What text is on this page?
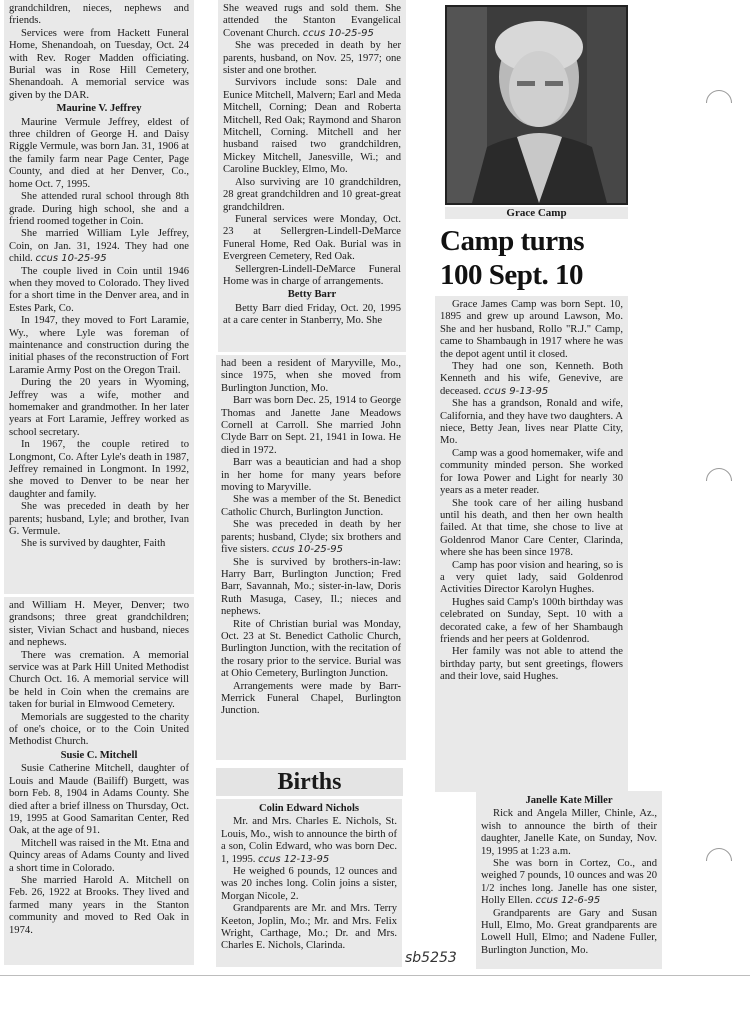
grandchildren, nieces, nephews and friends.

Services were from Hackett Funeral Home, Shenandoah, on Tuesday, Oct. 24 with Rev. Roger Madden officiating. Burial was in Rose Hill Cemetery, Shenandoah. A memorial service was given by the DAR.

Maurine V. Jeffrey

Maurine Vermule Jeffrey, eldest of three children of George H. and Daisy Riggle Vermule, was born Jan. 31, 1906 at the family farm near Page Center, Page County, and died at her Denver, Co., home Oct. 7, 1995.

She attended rural school through 8th grade. During high school, she and a friend roomed together in Coin.

She married William Lyle Jeffrey, Coin, on Jan. 31, 1924. They had one child. ccus 10-25-95

The couple lived in Coin until 1946 when they moved to Colorado. They lived for a short time in the Denver area, and in Estes Park, Co.

In 1947, they moved to Fort Laramie, Wy., where Lyle was foreman of maintenance and construction during the initial phases of the reconstruction of Fort Laramie Army Post on the Oregon Trail.

During the 20 years in Wyoming, Jeffrey was a wife, mother and homemaker and grandmother. In her later years at Fort Laramie, Jeffrey worked as school secretary.

In 1967, the couple retired to Longmont, Co. After Lyle's death in 1987, Jeffrey remained in Longmont. In 1992, she moved to Denver to be near her daughter and family.

She was preceded in death by her parents; husband, Lyle; and brother, Ivan G. Vermule.

She is survived by daughter, Faith

and William H. Meyer, Denver; two grandsons; three great grandchildren; sister, Vivian Schact and husband, nieces and nephews.

There was cremation. A memorial service was at Park Hill United Methodist Church Oct. 16. A memorial service will be held in Coin when the cremains are taken for burial in Elmwood Cemetery.

Memorials are suggested to the charity of one's choice, or to the Coin United Methodist Church.

Susie C. Mitchell

Susie Catherine Mitchell, daughter of Louis and Maude (Bailiff) Burgett, was born Feb. 8, 1904 in Adams County. She died after a brief illness on Thursday, Oct. 19, 1995 at Good Samaritan Center, Red Oak, at the age of 91.

Mitchell was raised in the Mt. Etna and Quincy areas of Adams County and lived a short time in Colorado.

She married Harold A. Mitchell on Feb. 26, 1922 at Brooks. They lived and farmed many years in the Stanton community and moved to Red Oak in 1974.

She weaved rugs and sold them. She attended the Stanton Evangelical Covenant Church. ccus 10-25-95

She was preceded in death by her parents, husband, on Nov. 25, 1977; one sister and one brother.

Survivors include sons: Dale and Eunice Mitchell, Malvern; Earl and Meda Mitchell, Corning; Dean and Roberta Mitchell, Red Oak; Raymond and Sharon Mitchell, Corning. Mitchell and her husband raised two grandchildren, Mickey Mitchell, Janesville, Wi.; and Caroline Buckley, Elmo, Mo.

Also surviving are 10 grandchildren, 28 great grandchildren and 10 great-great grandchildren.

Funeral services were Monday, Oct. 23 at Sellergren-Lindell-DeMarce Funeral Home, Red Oak. Burial was in Evergreen Cemetery, Red Oak.

Sellergren-Lindell-DeMarce Funeral Home was in charge of arrangements.

Betty Barr

Betty Barr died Friday, Oct. 20, 1995 at a care center in Stanberry, Mo. She

had been a resident of Maryville, Mo., since 1975, when she moved from Burlington Junction, Mo.

Barr was born Dec. 25, 1914 to George Thomas and Janette Jane Meadows Cornell at Carroll. She married John Clyde Barr on Sept. 21, 1941 in Iowa. He died in 1972.

Barr was a beautician and had a shop in her home for many years before moving to Maryville.

She was a member of the St. Benedict Catholic Church, Burlington Junction.

She was preceded in death by her parents; husband, Clyde; six brothers and five sisters. ccus 10-25-95

She is survived by brothers-in-law: Harry Barr, Burlington Junction; Fred Barr, Savannah, Mo.; sister-in-law, Doris Ruth Masuga, Casey, Il.; nieces and nephews.

Rite of Christian burial was Monday, Oct. 23 at St. Benedict Catholic Church, Burlington Junction, with the recitation of the rosary prior to the service. Burial was at Ohio Cemetery, Burlington Junction.

Arrangements were made by Barr-Merrick Funeral Chapel, Burlington Junction.

Births

Colin Edward Nichols

Mr. and Mrs. Charles E. Nichols, St. Louis, Mo., wish to announce the birth of a son, Colin Edward, who was born Dec. 1, 1995. ccus 12-13-95

He weighed 6 pounds, 12 ounces and was 20 inches long. Colin joins a sister, Morgan Nicole, 2.

Grandparents are Mr. and Mrs. Terry Keeton, Joplin, Mo.; Mr. and Mrs. Felix Wright, Carthage, Mo.; Dr. and Mrs. Charles E. Nichols, Clarinda.

Grace Camp
Camp turns
100 Sept. 10

Grace James Camp was born Sept. 10, 1895 and grew up around Lawson, Mo. She and her husband, Rollo "R.J." Camp, came to Shambaugh in 1917 where he was the depot agent until it closed.

They had one son, Kenneth. Both Kenneth and his wife, Genevive, are deceased. ccus 9-13-95

She has a grandson, Ronald and wife, California, and they have two daughters. A niece, Betty Jean, lives near Platte City, Mo.

Camp was a good homemaker, wife and community minded person. She worked for Iowa Power and Light for nearly 30 years as a meter reader.

She took care of her ailing husband until his death, and then her own health failed. At that time, she chose to live at Goldenrod Manor Care Center, Clarinda, where she has been since 1978.

Camp has poor vision and hearing, so is a very quiet lady, said Goldenrod Activities Director Karolyn Hughes.

Hughes said Camp's 100th birthday was celebrated on Sunday, Sept. 10 with a decorated cake, a few of her Shambaugh friends and her peers at Goldenrod.

Her family was not able to attend the birthday party, but sent greetings, flowers and their love, said Hughes.

Janelle Kate Miller

Rick and Angela Miller, Chinle, Az., wish to announce the birth of their daughter, Janelle Kate, on Sunday, Nov. 19, 1995 at 1:23 a.m.

She was born in Cortez, Co., and weighed 7 pounds, 10 ounces and was 20 1/2 inches long. Janelle has one sister, Holly Ellen. ccus 12-6-95

Grandparents are Gary and Susan Hull, Elmo, Mo. Great grandparents are Lowell Hull, Elmo; and Nadene Fuller, Burlington Junction, Mo.

sb5253
